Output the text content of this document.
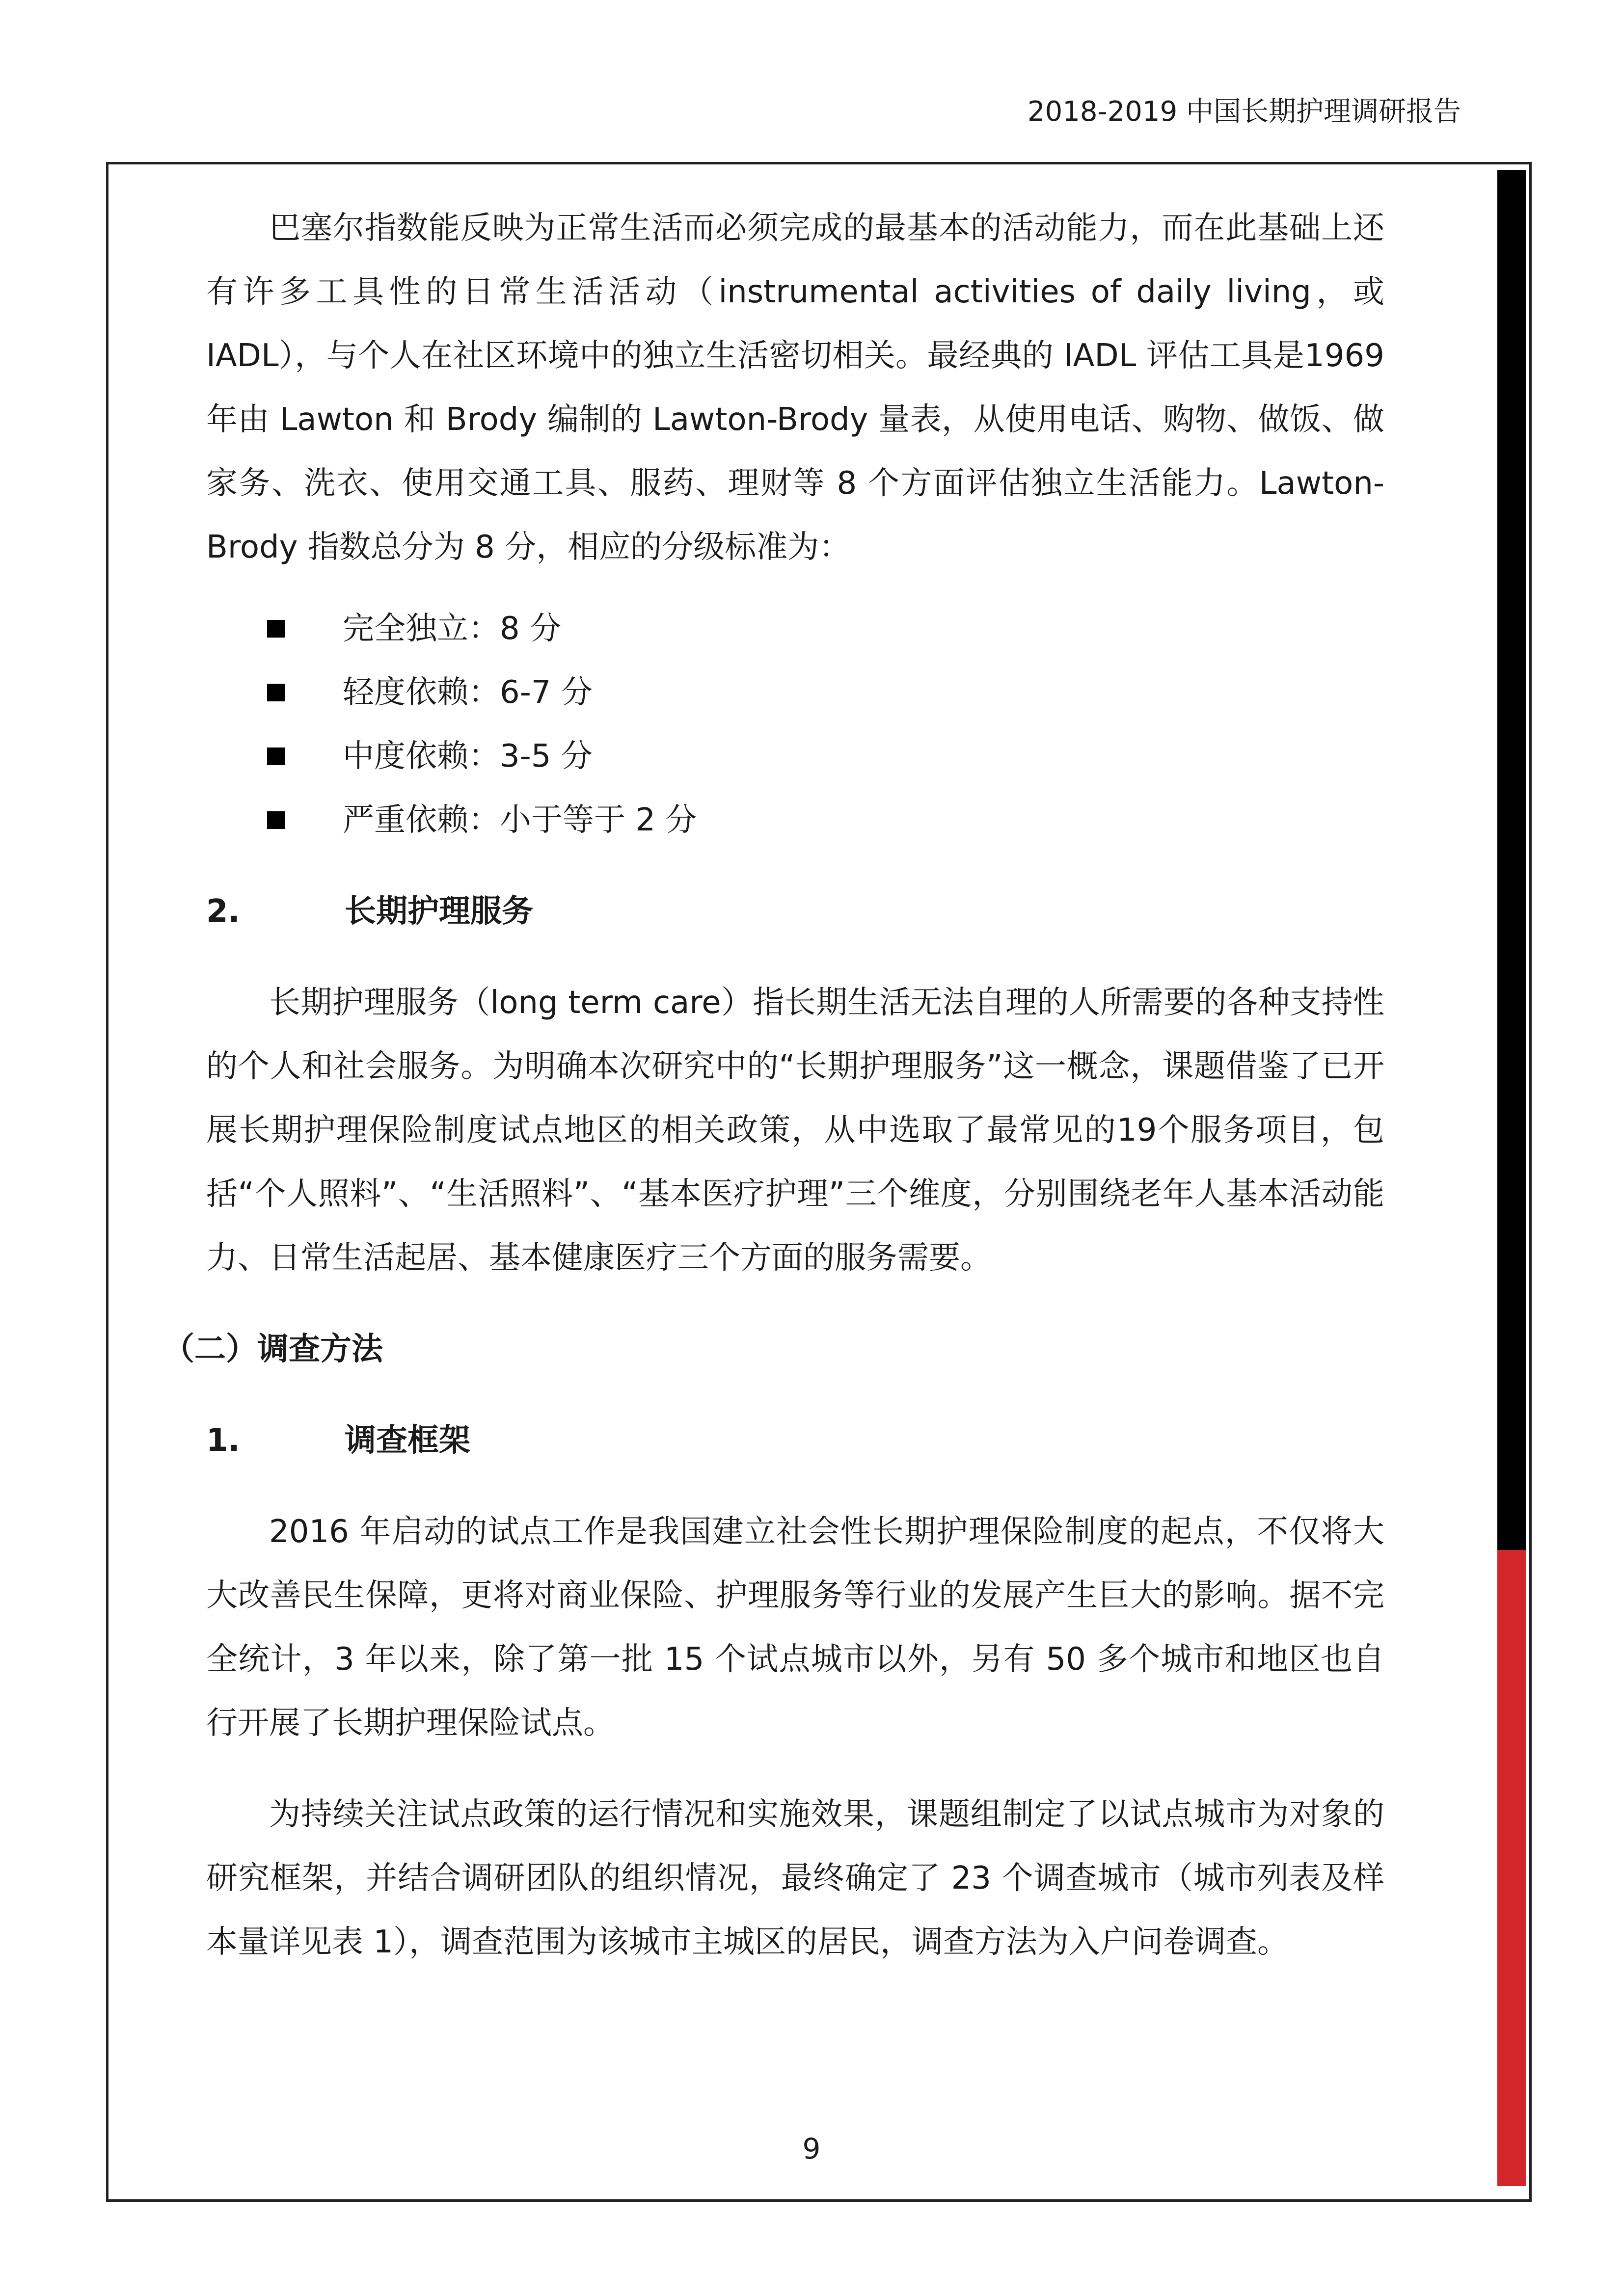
2018-2019 中国长期护理调研报告

巴塞尔指数能反映为正常生活而必须完成的最基本的活动能力，而在此基础上还有许多工具性的日常生活活动（instrumental activities of daily living，或IADL），与个人在社区环境中的独立生活密切相关。最经典的 IADL 评估工具是1969 年由 Lawton 和 Brody 编制的 Lawton-Brody 量表，从使用电话、购物、做饭、做家务、洗衣、使用交通工具、服药、理财等 8 个方面评估独立生活能力。Lawton-Brody 指数总分为 8 分，相应的分级标准为：

完全独立：8 分
轻度依赖：6-7 分
中度依赖：3-5 分
严重依赖：小于等于 2 分
2.	长期护理服务

长期护理服务（long term care）指长期生活无法自理的人所需要的各种支持性的个人和社会服务。为明确本次研究中的“长期护理服务”这一概念，课题借鉴了已开展长期护理保险制度试点地区的相关政策，从中选取了最常见的19个服务项目，包括“个人照料”、“生活照料”、“基本医疗护理”三个维度，分别围绕老年人基本活动能力、日常生活起居、基本健康医疗三个方面的服务需要。

（二）调查方法
1.	调查框架

2016 年启动的试点工作是我国建立社会性长期护理保险制度的起点，不仅将大大改善民生保障，更将对商业保险、护理服务等行业的发展产生巨大的影响。据不完全统计，3 年以来，除了第一批 15 个试点城市以外，另有 50 多个城市和地区也自行开展了长期护理保险试点。

为持续关注试点政策的运行情况和实施效果，课题组制定了以试点城市为对象的研究框架，并结合调研团队的组织情况，最终确定了 23 个调查城市（城市列表及样本量详见表 1），调查范围为该城市主城区的居民，调查方法为入户问卷调查。

9
